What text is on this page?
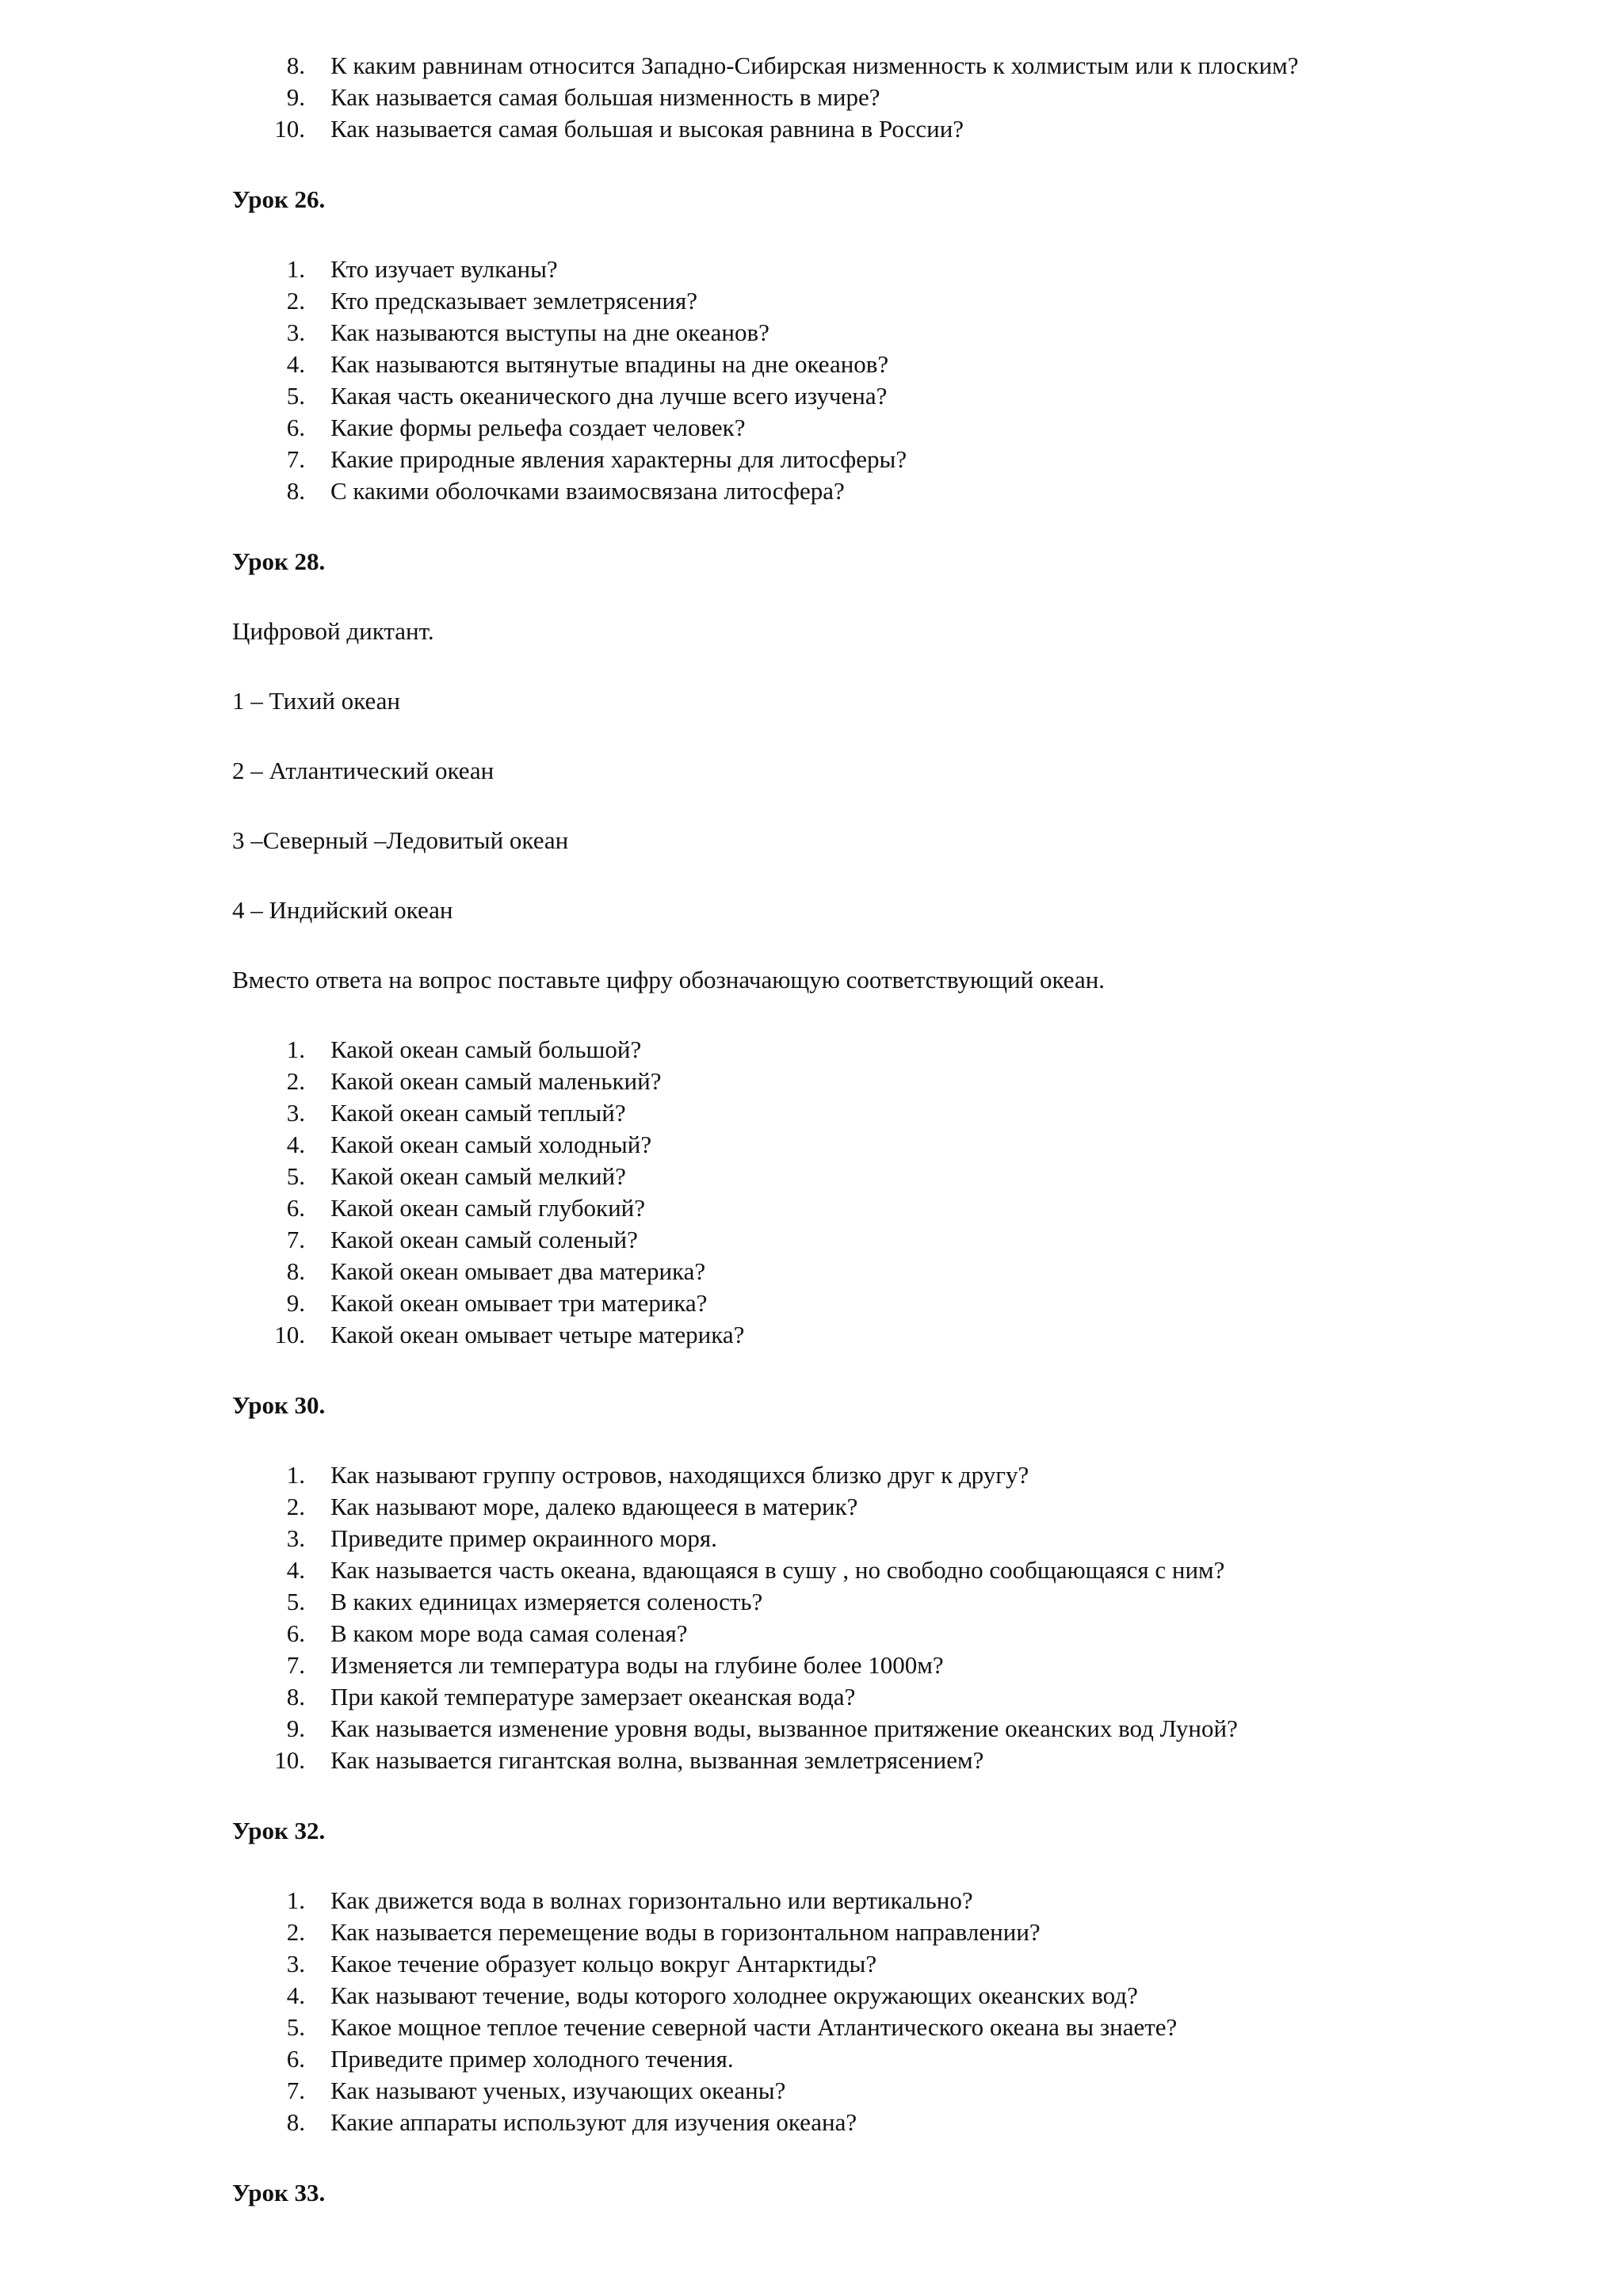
8. К каким равнинам относится Западно-Сибирская низменность к холмистым или к плоским?
9. Как называется самая большая низменность в мире?
10. Как называется самая большая и высокая равнина в России?
Урок 26.
1. Кто изучает вулканы?
2. Кто предсказывает землетрясения?
3. Как называются выступы на дне океанов?
4. Как называются вытянутые впадины на дне океанов?
5. Какая часть океанического дна лучше всего изучена?
6. Какие формы рельефа создает человек?
7. Какие природные явления характерны для литосферы?
8. С какими оболочками взаимосвязана литосфера?
Урок 28.
Цифровой диктант.
1 – Тихий океан
2 – Атлантический океан
3 –Северный –Ледовитый океан
4 – Индийский океан
Вместо ответа на вопрос поставьте цифру обозначающую соответствующий океан.
1. Какой океан самый большой?
2. Какой океан самый маленький?
3. Какой океан самый теплый?
4. Какой океан самый холодный?
5. Какой океан самый мелкий?
6. Какой океан самый глубокий?
7. Какой океан самый соленый?
8. Какой океан омывает два материка?
9. Какой океан омывает три материка?
10. Какой океан омывает четыре материка?
Урок 30.
1. Как называют группу островов, находящихся близко друг к другу?
2. Как называют море, далеко вдающееся в материк?
3. Приведите пример окраинного моря.
4. Как называется часть океана, вдающаяся в сушу , но свободно сообщающаяся с ним?
5. В каких единицах измеряется соленость?
6. В каком море вода самая соленая?
7. Изменяется ли температура воды на глубине более 1000м?
8. При какой температуре замерзает океанская вода?
9. Как называется изменение уровня воды, вызванное притяжение океанских вод Луной?
10. Как называется гигантская волна, вызванная землетрясением?
Урок 32.
1. Как движется вода в волнах горизонтально или вертикально?
2. Как называется перемещение воды в горизонтальном направлении?
3. Какое течение образует кольцо вокруг Антарктиды?
4. Как называют течение, воды которого холоднее окружающих океанских вод?
5. Какое мощное теплое течение северной части Атлантического океана вы знаете?
6. Приведите пример холодного течения.
7. Как называют ученых, изучающих океаны?
8. Какие аппараты используют для изучения океана?
Урок 33.
